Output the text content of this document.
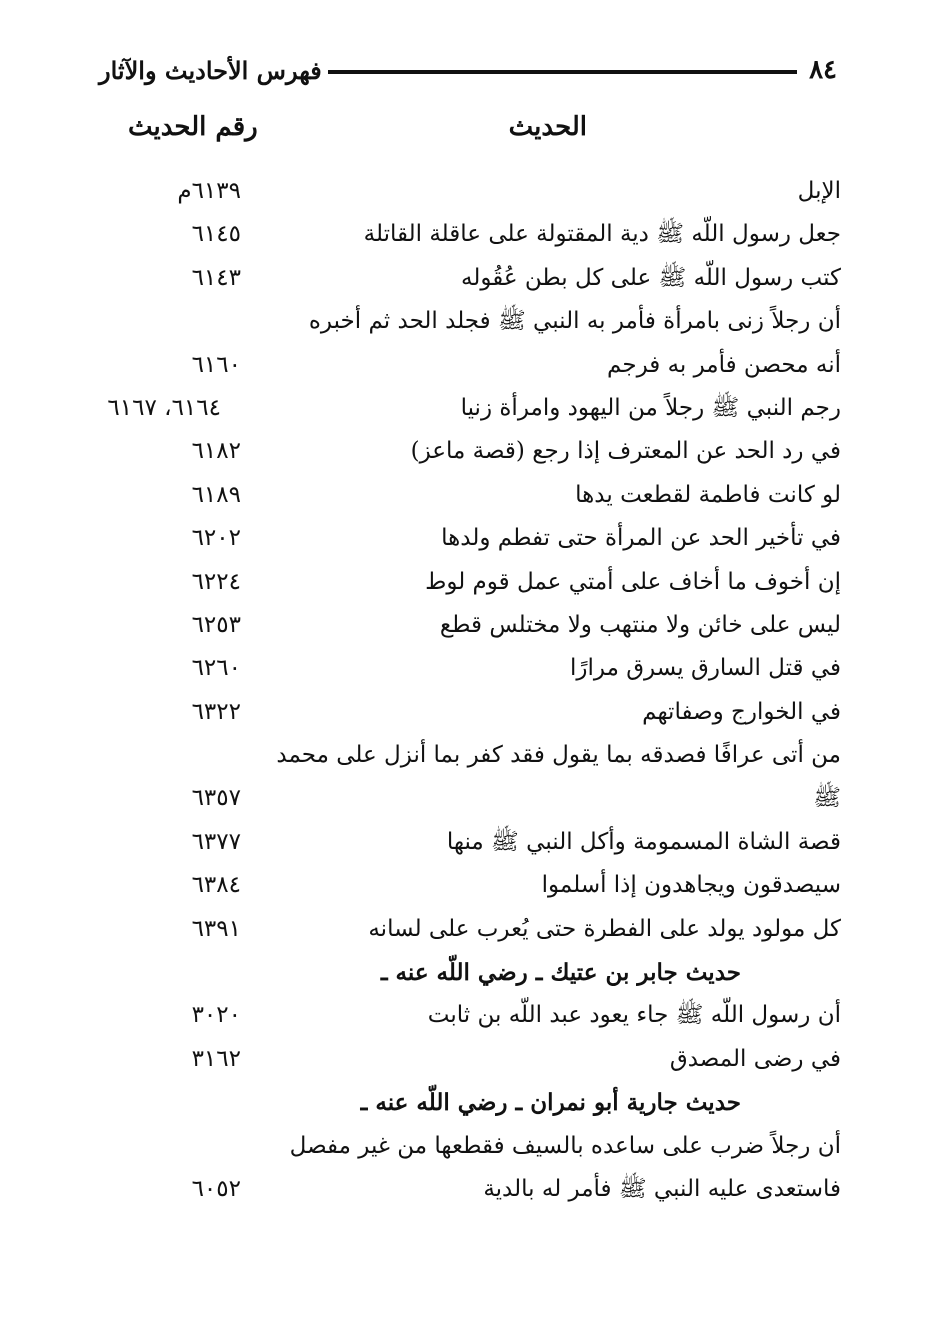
٨٤
فهرس الأحاديث والآثار
الحديث
رقم الحديث
الإبل
٦١٣٩م
جعل رسول اللّه ﷺ دية المقتولة على عاقلة القاتلة
٦١٤٥
كتب رسول اللّه ﷺ على كل بطن عُقُوله
٦١٤٣
أن رجلاً زنى بامرأة فأمر به النبي ﷺ فجلد الحد ثم أخبره
أنه محصن فأمر به فرجم
٦١٦٠
رجم النبي ﷺ رجلاً من اليهود وامرأة زنيا
٦١٦٤، ٦١٦٧
في رد الحد عن المعترف إذا رجع (قصة ماعز)
٦١٨٢
لو كانت فاطمة لقطعت يدها
٦١٨٩
في تأخير الحد عن المرأة حتى تفطم ولدها
٦٢٠٢
إن أخوف ما أخاف على أمتي عمل قوم لوط
٦٢٢٤
ليس على خائن ولا منتهب ولا مختلس قطع
٦٢٥٣
في قتل السارق يسرق مرارًا
٦٢٦٠
في الخوارج وصفاتهم
٦٣٢٢
من أتى عرافًا فصدقه بما يقول فقد كفر بما أنزل على محمد
ﷺ
٦٣٥٧
قصة الشاة المسمومة وأكل النبي ﷺ منها
٦٣٧٧
سيصدقون ويجاهدون إذا أسلموا
٦٣٨٤
كل مولود يولد على الفطرة حتى يُعرب على لسانه
٦٣٩١
حديث جابر بن عتيك ـ رضي اللّه عنه ـ
أن رسول اللّه ﷺ جاء يعود عبد اللّه بن ثابت
٣٠٢٠
في رضى المصدق
٣١٦٢
حديث جارية أبو نمران ـ رضي اللّه عنه ـ
أن رجلاً ضرب على ساعده بالسيف فقطعها من غير مفصل
فاستعدى عليه النبي ﷺ فأمر له بالدية
٦٠٥٢
